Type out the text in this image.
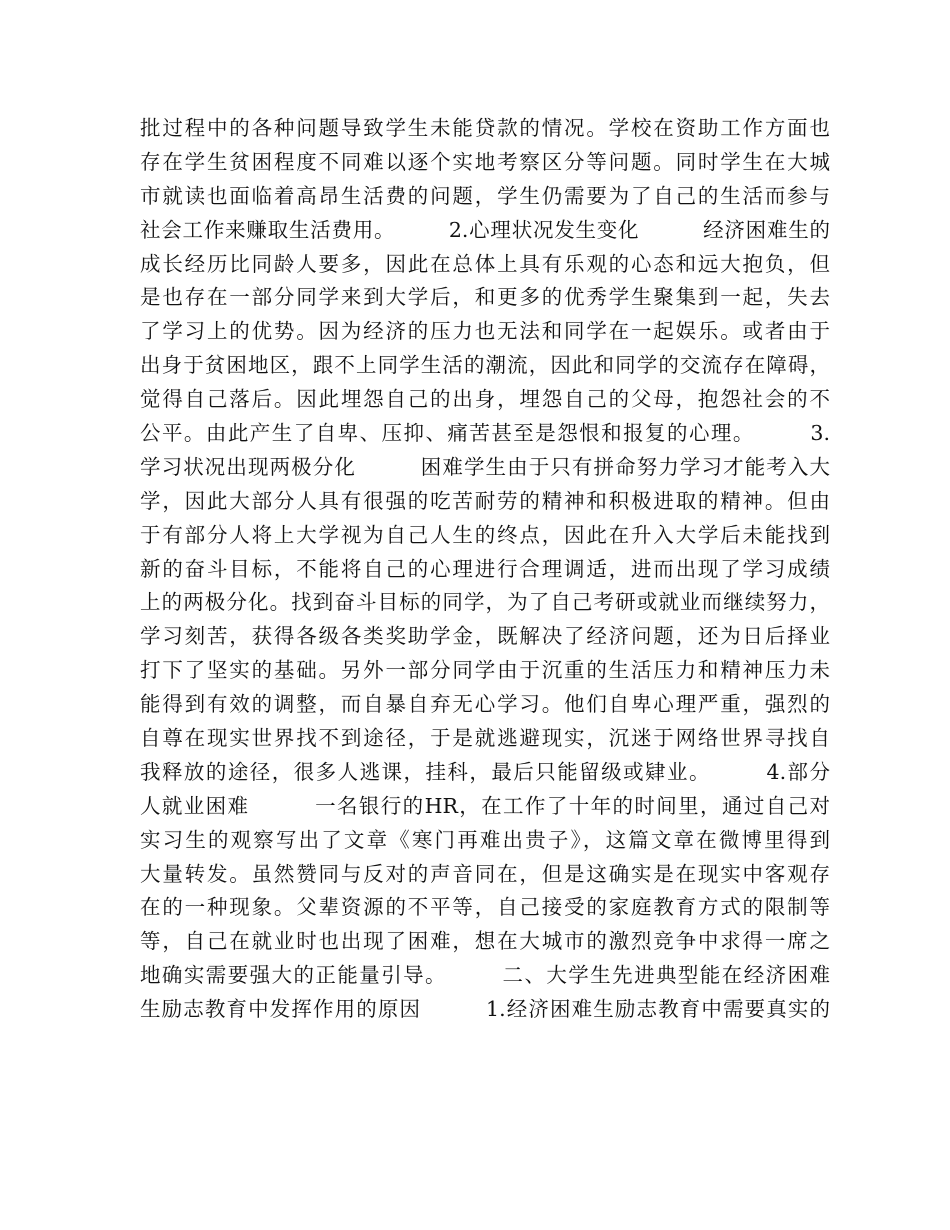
批过程中的各种问题导致学生未能贷款的情况。学校在资助工作方面也
存在学生贫困程度不同难以逐个实地考察区分等问题。同时学生在大城
市就读也面临着高昂生活费的问题，学生仍需要为了自己的生活而参与
社会工作来赚取生活费用。　　　2.心理状况发生变化　　　经济困难生的
成长经历比同龄人要多，因此在总体上具有乐观的心态和远大抱负，但
是也存在一部分同学来到大学后，和更多的优秀学生聚集到一起，失去
了学习上的优势。因为经济的压力也无法和同学在一起娱乐。或者由于
出身于贫困地区，跟不上同学生活的潮流，因此和同学的交流存在障碍，
觉得自己落后。因此埋怨自己的出身，埋怨自己的父母，抱怨社会的不
公平。由此产生了自卑、压抑、痛苦甚至是怨恨和报复的心理。　　　3.
学习状况出现两极分化　　　困难学生由于只有拼命努力学习才能考入大
学，因此大部分人具有很强的吃苦耐劳的精神和积极进取的精神。但由
于有部分人将上大学视为自己人生的终点，因此在升入大学后未能找到
新的奋斗目标，不能将自己的心理进行合理调适，进而出现了学习成绩
上的两极分化。找到奋斗目标的同学，为了自己考研或就业而继续努力，
学习刻苦，获得各级各类奖助学金，既解决了经济问题，还为日后择业
打下了坚实的基础。另外一部分同学由于沉重的生活压力和精神压力未
能得到有效的调整，而自暴自弃无心学习。他们自卑心理严重，强烈的
自尊在现实世界找不到途径，于是就逃避现实，沉迷于网络世界寻找自
我释放的途径，很多人逃课，挂科，最后只能留级或肄业。　　　4.部分
人就业困难　　　一名银行的HR，在工作了十年的时间里，通过自己对
实习生的观察写出了文章《寒门再难出贵子》，这篇文章在微博里得到
大量转发。虽然赞同与反对的声音同在，但是这确实是在现实中客观存
在的一种现象。父辈资源的不平等，自己接受的家庭教育方式的限制等
等，自己在就业时也出现了困难，想在大城市的激烈竞争中求得一席之
地确实需要强大的正能量引导。　　　二、大学生先进典型能在经济困难
生励志教育中发挥作用的原因　　　1.经济困难生励志教育中需要真实的
